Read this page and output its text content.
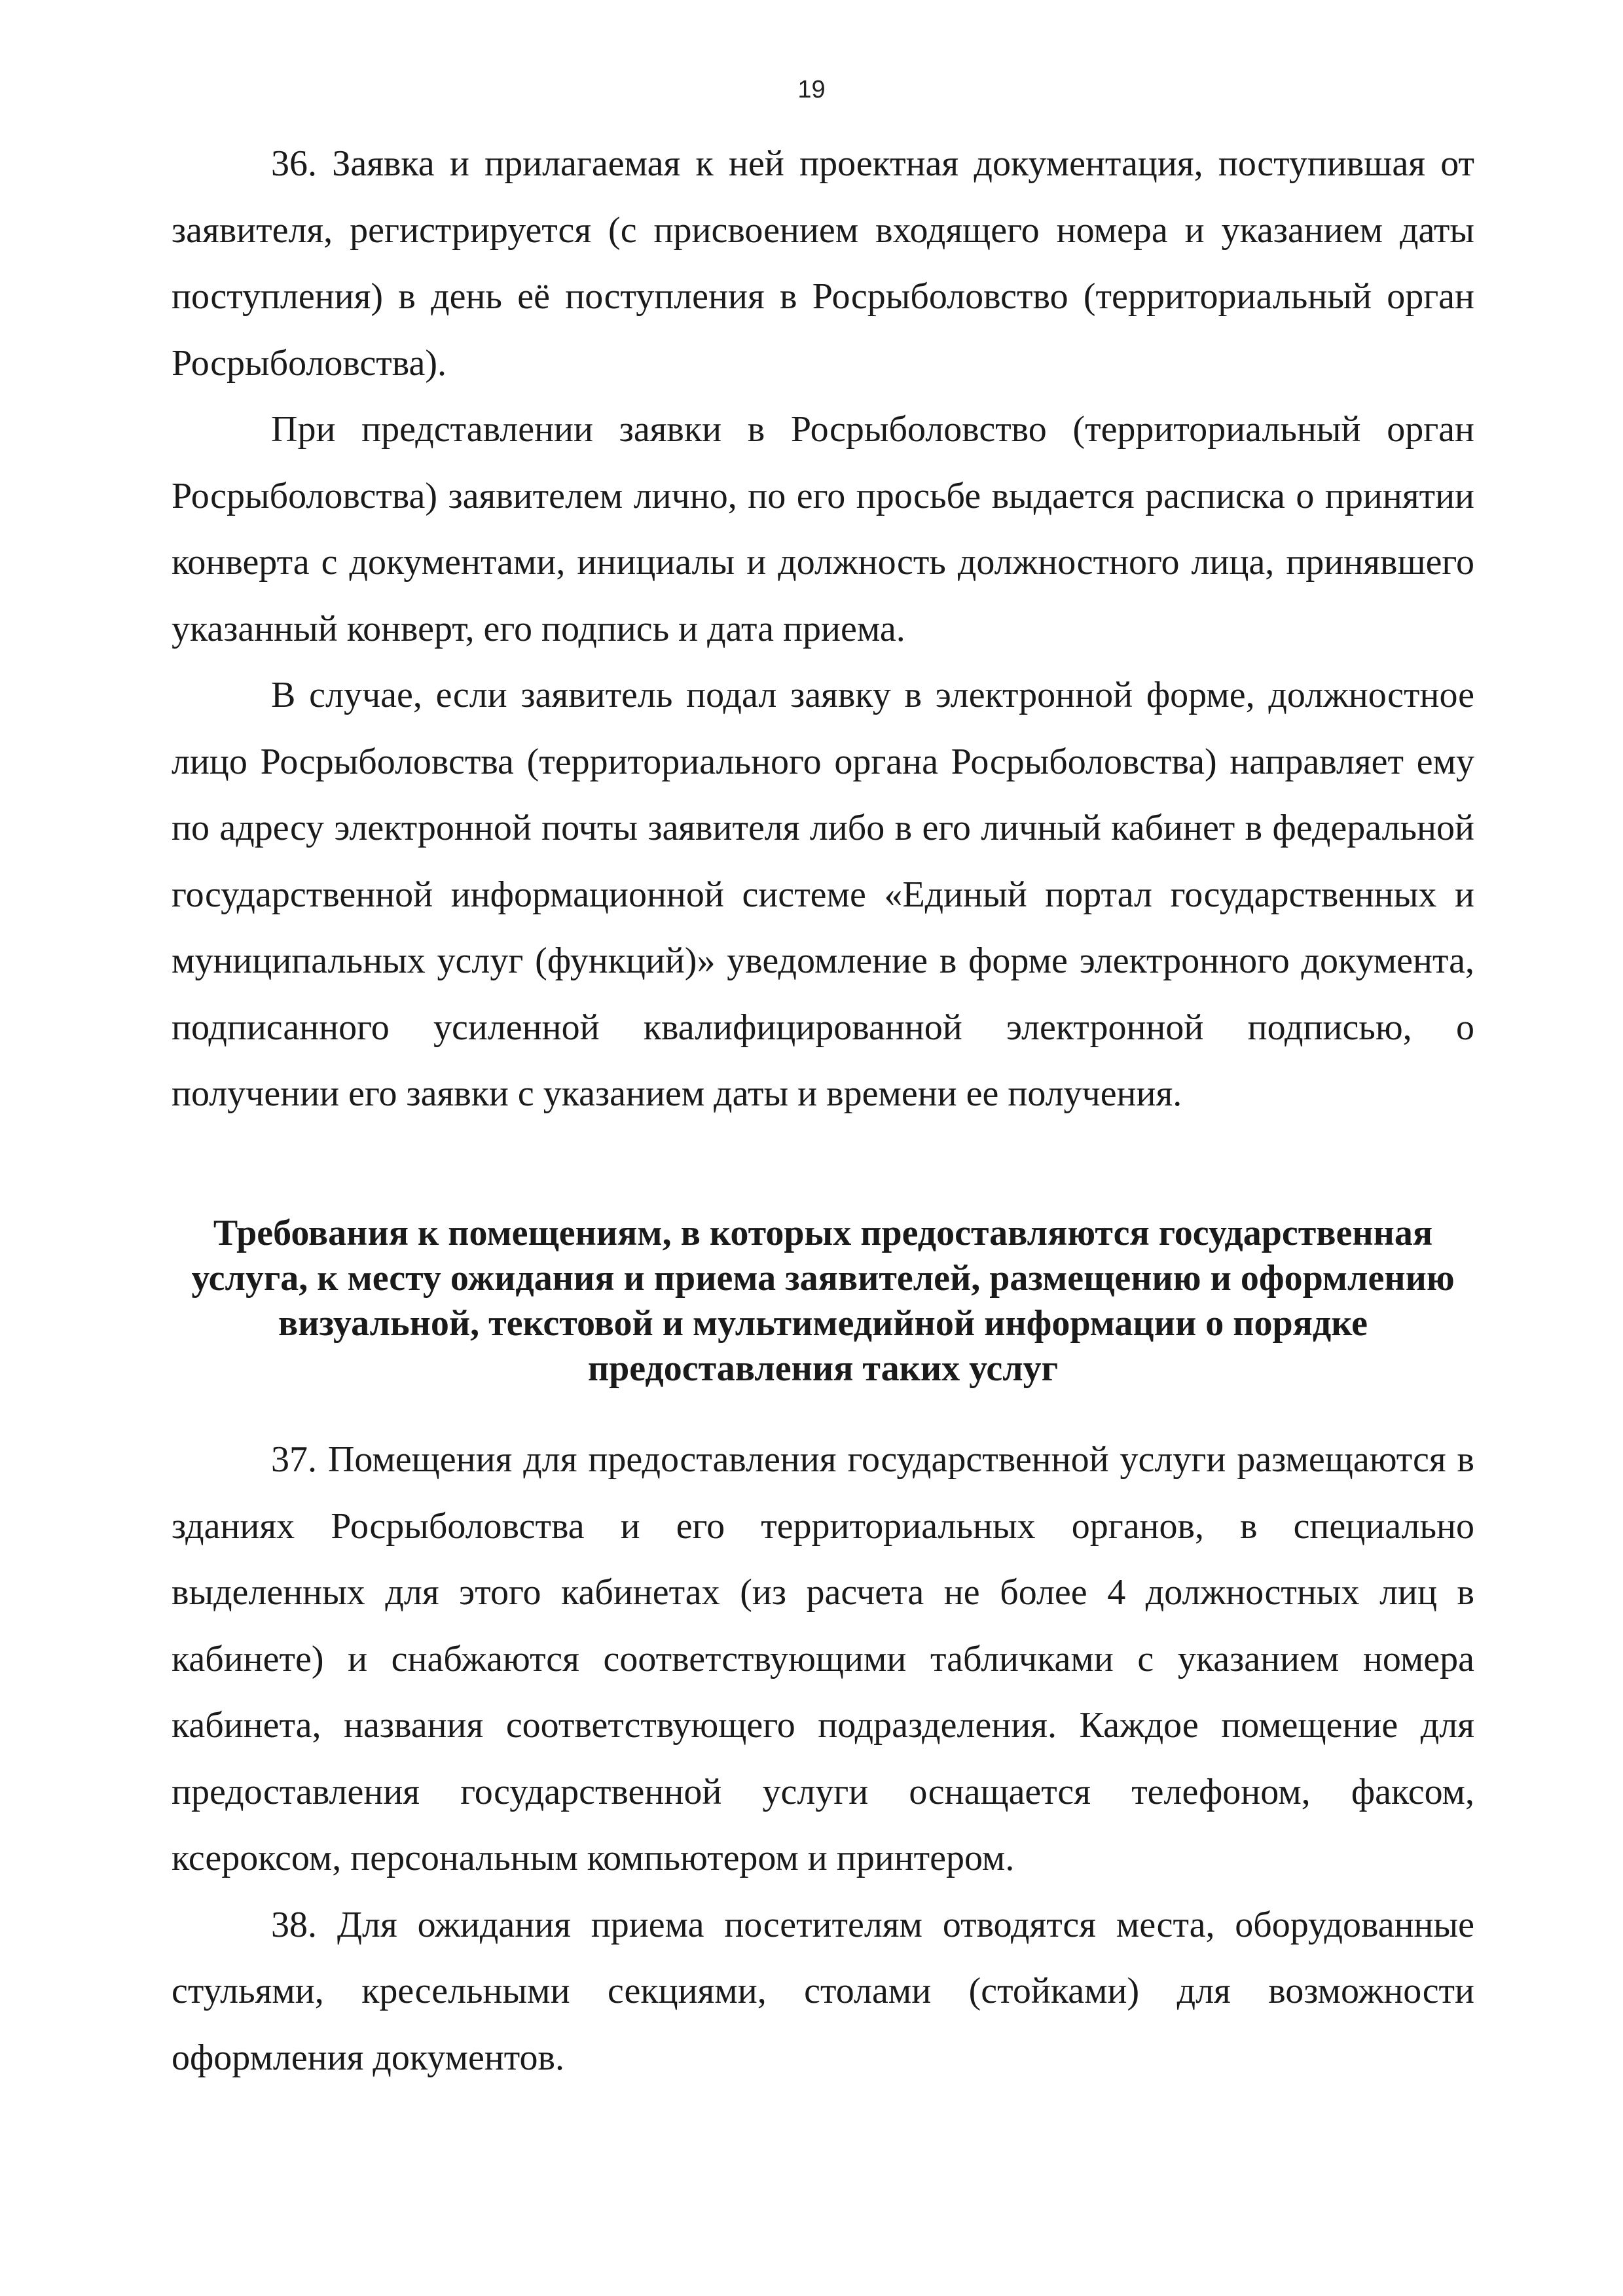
19

36. Заявка и прилагаемая к ней проектная документация, поступившая от заявителя, регистрируется (с присвоением входящего номера и указанием даты поступления) в день её поступления в Росрыболовство (территориальный орган Росрыболовства).

При представлении заявки в Росрыболовство (территориальный орган Росрыболовства) заявителем лично, по его просьбе выдается расписка о принятии конверта с документами, инициалы и должность должностного лица, принявшего указанный конверт, его подпись и дата приема.

В случае, если заявитель подал заявку в электронной форме, должностное лицо Росрыболовства (территориального органа Росрыболовства) направляет ему по адресу электронной почты заявителя либо в его личный кабинет в федеральной государственной информационной системе «Единый портал государственных и муниципальных услуг (функций)» уведомление в форме электронного документа, подписанного усиленной квалифицированной электронной подписью, о получении его заявки с указанием даты и времени ее получения.

Требования к помещениям, в которых предоставляются государственная услуга, к месту ожидания и приема заявителей, размещению и оформлению визуальной, текстовой и мультимедийной информации о порядке предоставления таких услуг

37. Помещения для предоставления государственной услуги размещаются в зданиях Росрыболовства и его территориальных органов, в специально выделенных для этого кабинетах (из расчета не более 4 должностных лиц в кабинете) и снабжаются соответствующими табличками с указанием номера кабинета, названия соответствующего подразделения. Каждое помещение для предоставления государственной услуги оснащается телефоном, факсом, ксероксом, персональным компьютером и принтером.

38. Для ожидания приема посетителям отводятся места, оборудованные стульями, кресельными секциями, столами (стойками) для возможности оформления документов.
